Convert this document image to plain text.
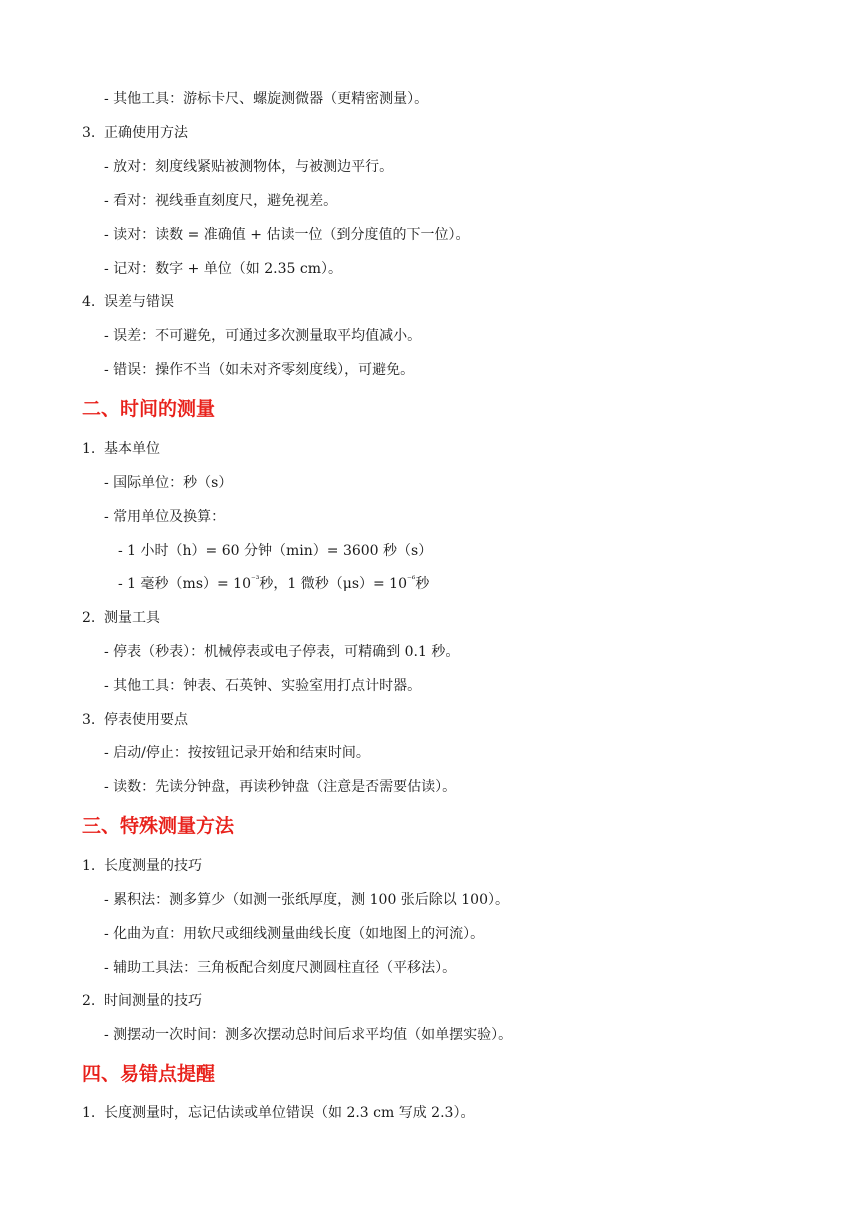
- 其他工具：游标卡尺、螺旋测微器（更精密测量）。
3. 正确使用方法
- 放对：刻度线紧贴被测物体，与被测边平行。
- 看对：视线垂直刻度尺，避免视差。
- 读对：读数 = 准确值 + 估读一位（到分度值的下一位）。
- 记对：数字 + 单位（如 2.35 cm）。
4. 误差与错误
- 误差：不可避免，可通过多次测量取平均值减小。
- 错误：操作不当（如未对齐零刻度线），可避免。
二、时间的测量
1. 基本单位
- 国际单位：秒（s）
- 常用单位及换算：
- 1 小时（h）= 60 分钟（min）= 3600 秒（s）
- 1 毫秒$(ms)= 10^{^{-3}}$秒，1 微秒$(\mu s)= 10^{^{-6}}$秒
2. 测量工具
- 停表（秒表）：机械停表或电子停表，可精确到 0.1 秒。
- 其他工具：钟表、石英钟、实验室用打点计时器。
3. 停表使用要点
- 启动/停止：按按钮记录开始和结束时间。
- 读数：先读分钟盘，再读秒钟盘（注意是否需要估读）。
三、特殊测量方法
1. 长度测量的技巧
- 累积法：测多算少（如测一张纸厚度，测 100 张后除以 100）。
- 化曲为直：用软尺或细线测量曲线长度（如地图上的河流）。
- 辅助工具法：三角板配合刻度尺测圆柱直径（平移法）。
2. 时间测量的技巧
- 测摆动一次时间：测多次摆动总时间后求平均值（如单摆实验）。
四、易错点提醒
1. 长度测量时，忘记估读或单位错误（如 2.3 cm 写成 2.3）。
